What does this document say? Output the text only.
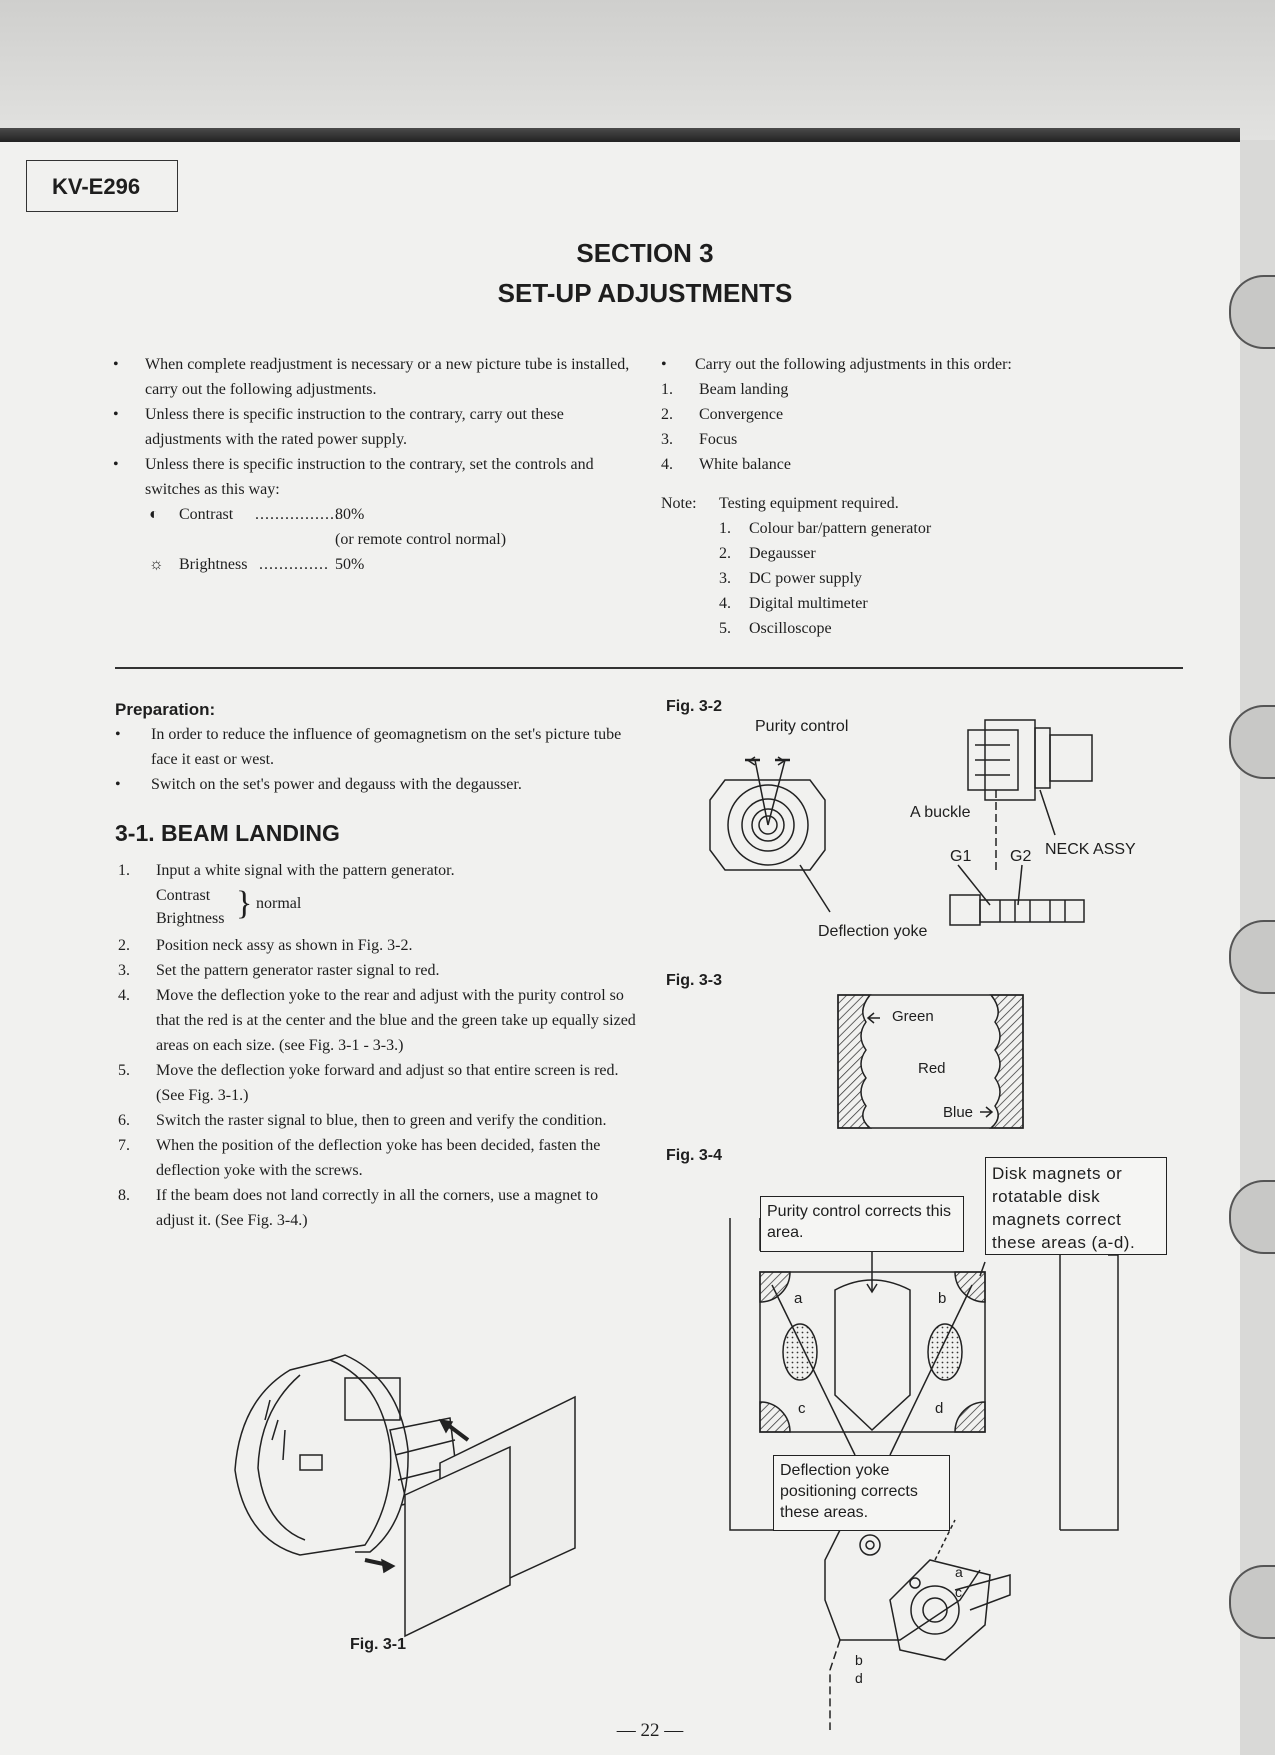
KV-E296
SECTION 3
SET-UP ADJUSTMENTS
• When complete readjustment is necessary or a new picture tube is installed, carry out the following adjustments.
• Unless there is specific instruction to the contrary, carry out these adjustments with the rated power supply.
• Unless there is specific instruction to the contrary, set the controls and switches as this way:
◐ Contrast .................
80%
(or remote control normal)
☼ Brightness .............. 50%
• Carry out the following adjustments in this order:
1. Beam landing
2. Convergence
3. Focus
4. White balance
Note: Testing equipment required.
1. Colour bar/pattern generator
2. Degausser
3. DC power supply
4. Digital multimeter
5. Oscilloscope
Preparation:
• In order to reduce the influence of geomagnetism on the set's picture tube face it east or west.
• Switch on the set's power and degauss with the degausser.
3-1. BEAM LANDING
1. Input a white signal with the pattern generator.
Contrast
Brightness } normal
2. Position neck assy as shown in Fig. 3-2.
3. Set the pattern generator raster signal to red.
4. Move the deflection yoke to the rear and adjust with the purity control so that the red is at the center and the blue and the green take up equally sized areas on each size. (see Fig. 3-1 - 3-3.)
5. Move the deflection yoke forward and adjust so that entire screen is red. (See Fig. 3-1.)
6. Switch the raster signal to blue, then to green and verify the condition.
7. When the position of the deflection yoke has been decided, fasten the deflection yoke with the screws.
8. If the beam does not land correctly in all the corners, use a magnet to adjust it. (See Fig. 3-4.)
Fig. 3-2
Purity control
A buckle
G1 G2 NECK ASSY
Deflection yoke
Fig. 3-3
Green
Red
Blue
Fig. 3-4
Disk magnets or rotatable disk magnets correct these areas (a-d).
Purity control corrects this area.
Deflection yoke positioning corrects these areas.
a	b
c	d
a
c
b
d
Fig. 3-1
— 22 —
